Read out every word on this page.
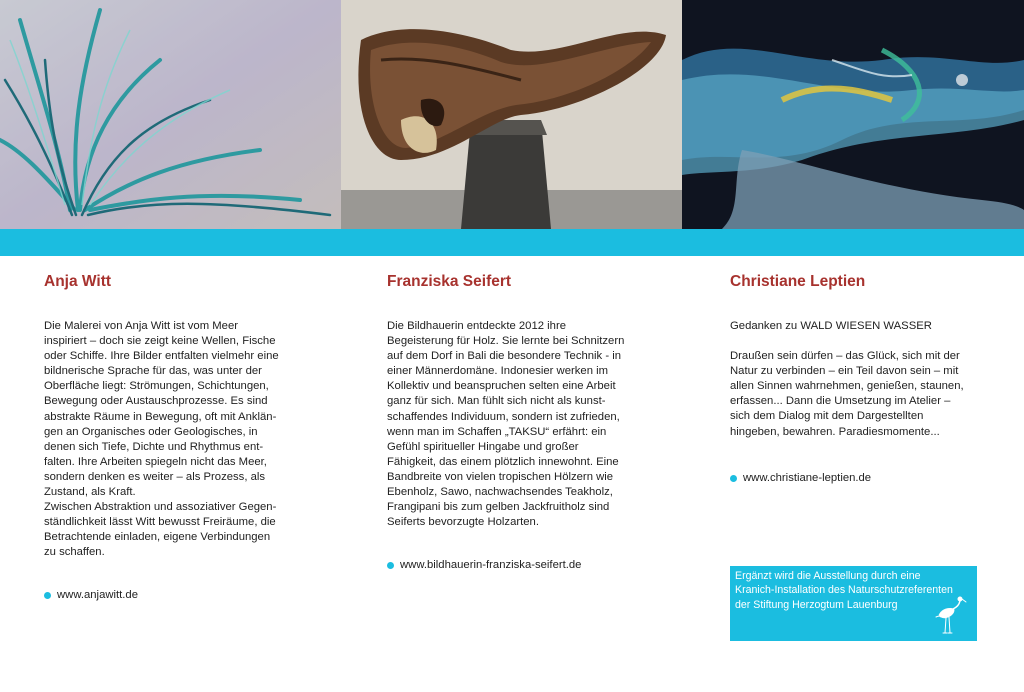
Anja Witt

Die Malerei von Anja Witt ist vom Meer

inspiriert – doch sie zeigt keine Wellen, Fische

oder Schiffe. Ihre Bilder entfalten vielmehr eine

bildnerische Sprache für das, was unter der

Oberfläche liegt: Strömungen, Schichtungen,

Bewegung oder Austauschprozesse. Es sind

abstrakte Räume in Bewegung, oft mit Anklän-

gen an Organisches oder Geologisches, in

denen sich Tiefe, Dichte und Rhythmus ent-

falten. Ihre Arbeiten spiegeln nicht das Meer,

sondern denken es weiter – als Prozess, als

Zustand, als Kraft.

Zwischen Abstraktion und assoziativer Gegen-

ständlichkeit lässt Witt bewusst Freiräume, die

Betrachtende einladen, eigene Verbindungen

zu schaffen.

www.anjawitt.de
Franziska Seifert

Die Bildhauerin entdeckte 2012 ihre

Begeisterung für Holz. Sie lernte bei Schnitzern

auf dem Dorf in Bali die besondere Technik - in

einer Männerdomäne. Indonesier werken im

Kollektiv und beanspruchen selten eine Arbeit

ganz für sich. Man fühlt sich nicht als kunst-

schaffendes Individuum, sondern ist zufrieden,

wenn man im Schaffen „TAKSU“ erfährt: ein

Gefühl spiritueller Hingabe und großer

Fähigkeit, das einem plötzlich innewohnt. Eine

Bandbreite von vielen tropischen Hölzern wie

Ebenholz, Sawo, nachwachsendes Teakholz,

Frangipani bis zum gelben Jackfruitholz sind

Seiferts bevorzugte Holzarten.

www.bildhauerin-franziska-seifert.de
Christiane Leptien

Gedanken zu WALD WIESEN WASSER

Draußen sein dürfen – das Glück, sich mit der

Natur zu verbinden – ein Teil davon sein – mit

allen Sinnen wahrnehmen, genießen, staunen,

erfassen... Dann die Umsetzung im Atelier –

sich dem Dialog mit dem Dargestellten

hingeben, bewahren. Paradiesmomente...

www.christiane-leptien.de
Ergänzt wird die Ausstellung durch eine
Kranich-Installation des Naturschutzreferenten
der Stiftung Herzogtum Lauenburg
